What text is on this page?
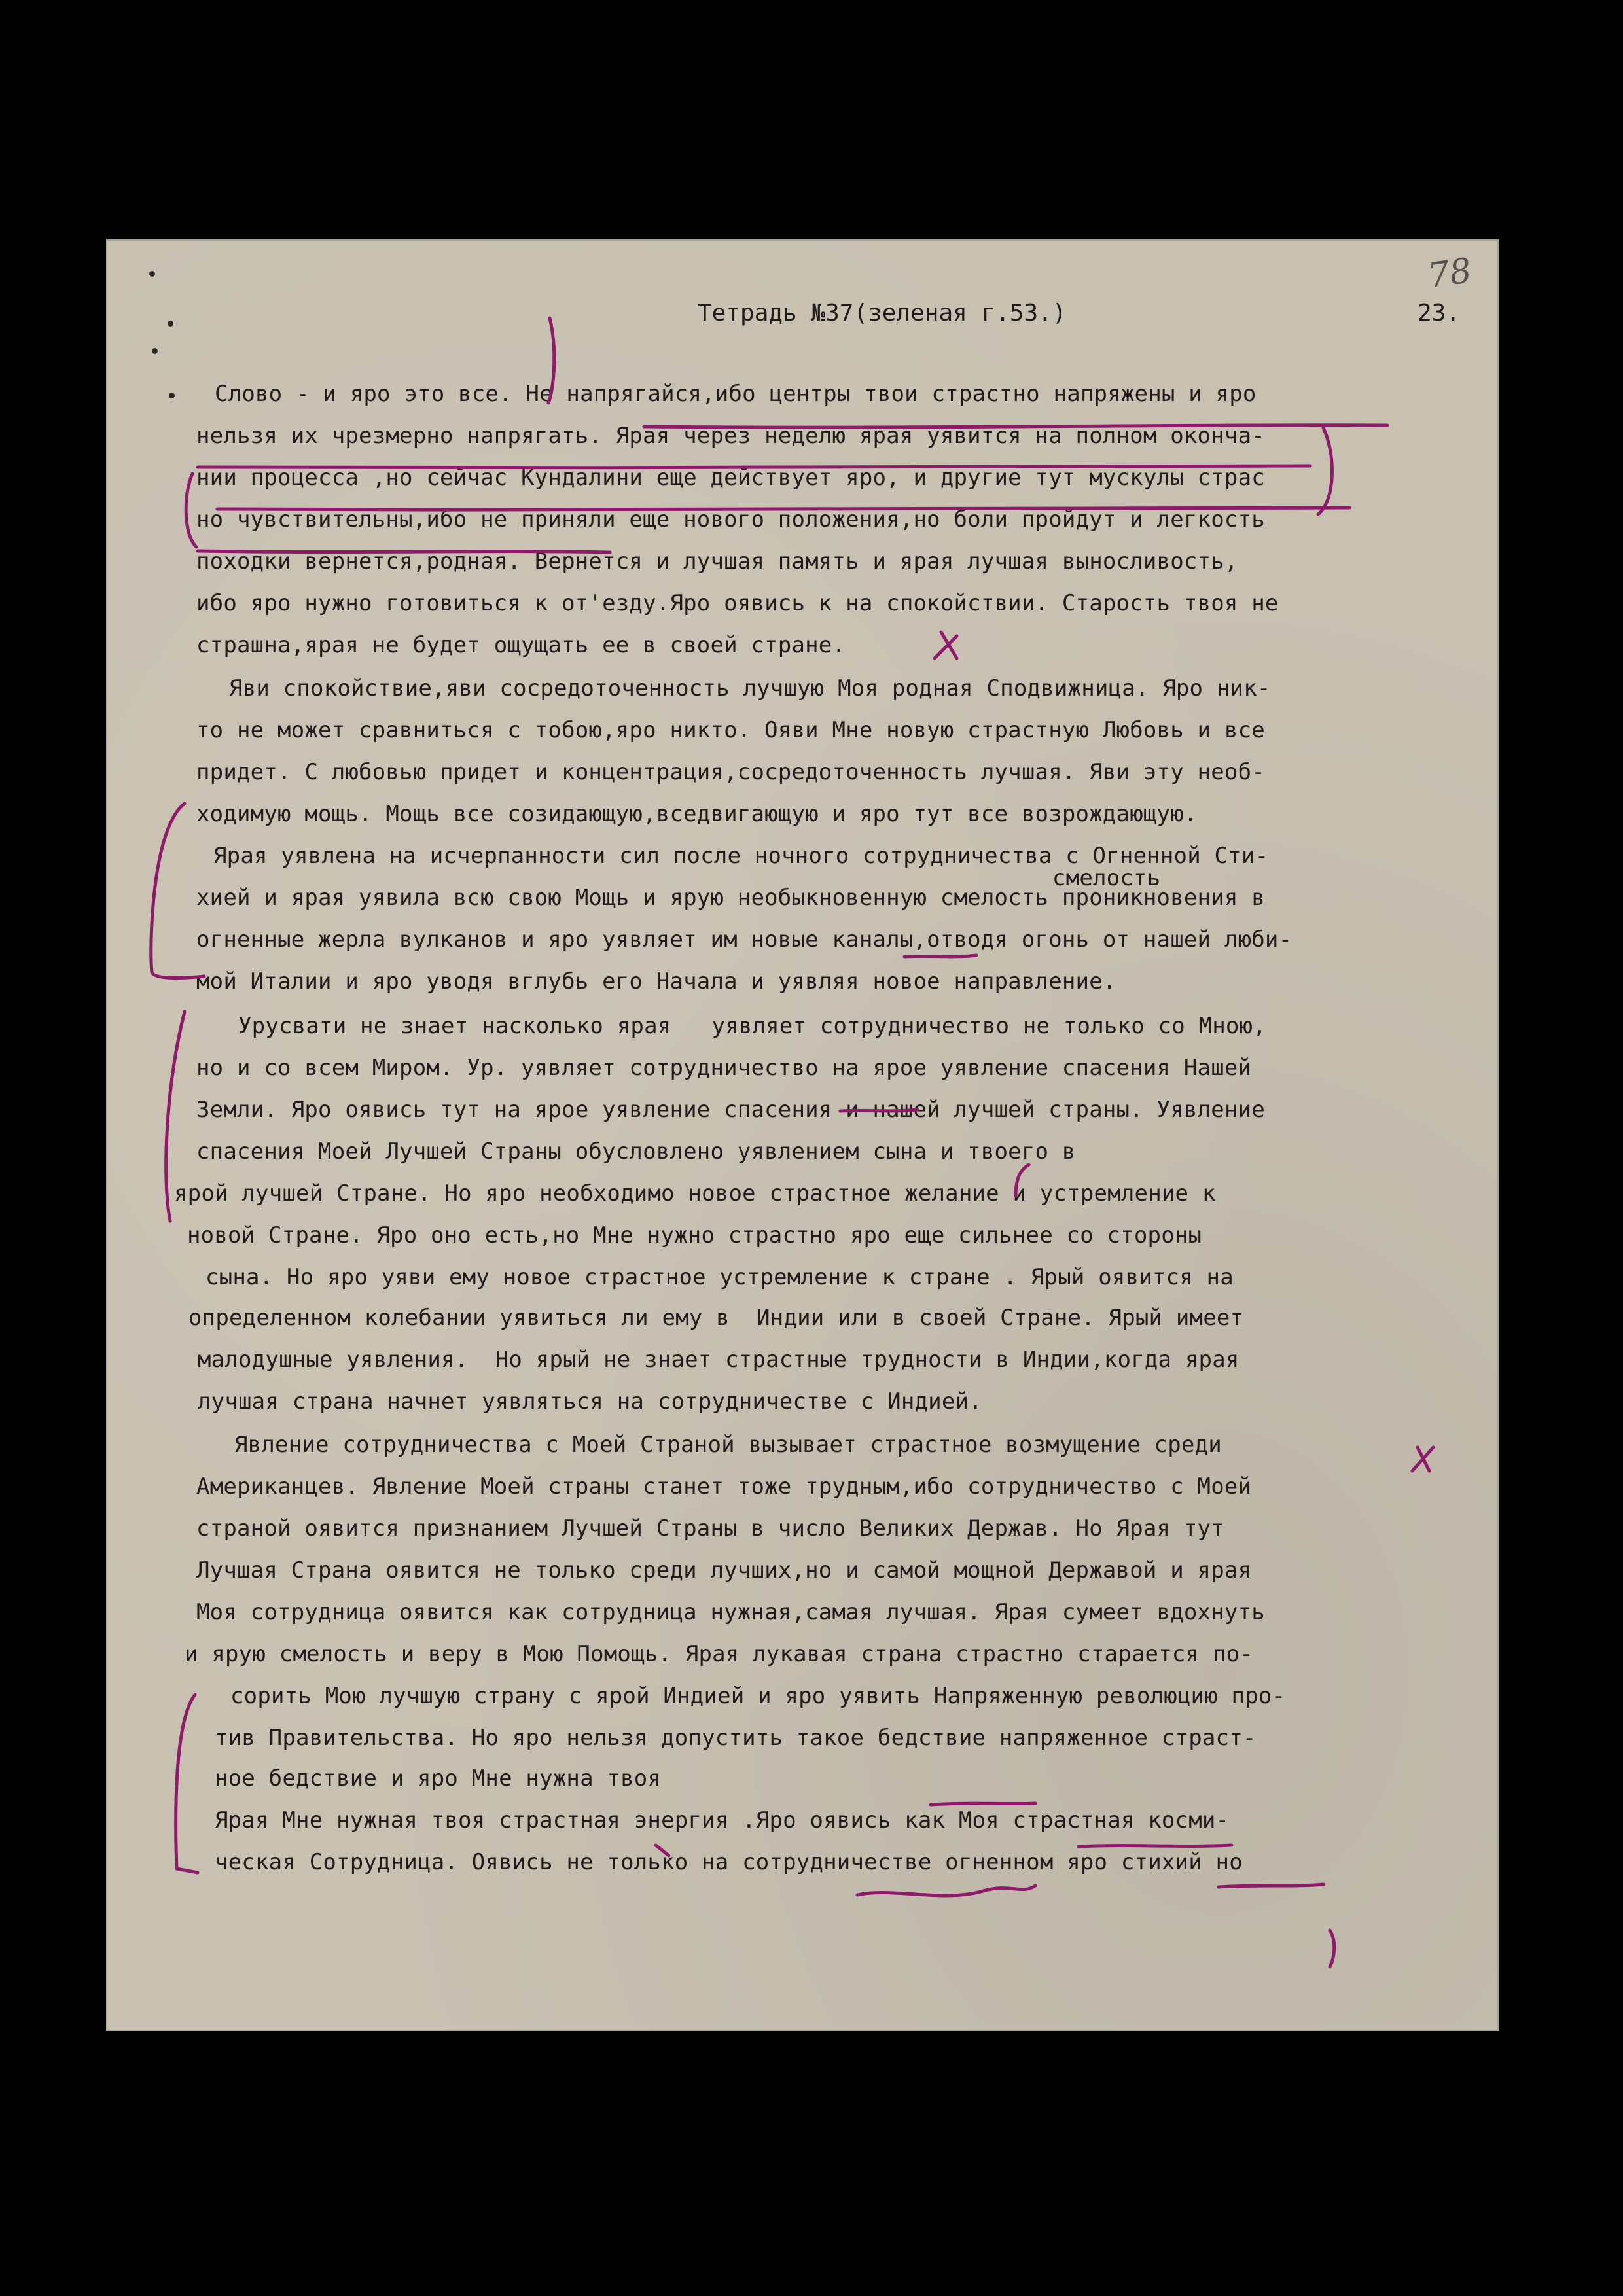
78
Тетрадь №37(зеленая г.53.)	23.
Слово - и яро это все. Не напрягайся,ибо центры твои страстно напряжены и яро
нельзя их чрезмерно напрягать. Ярая через неделю ярая уявится на полном оконча-
нии процесса ,но сейчас Кундалини еще действует яро, и другие тут мускулы страс
но чувствительны,ибо не приняли еще нового положения,но боли пройдут и легкость
походки вернется,родная. Вернется и лучшая память и ярая лучшая выносливость,
ибо яро нужно готовиться к от'езду.Яро оявись к на спокойствии. Старость твоя не
страшна,ярая не будет ощущать ее в своей стране.
Яви спокойствие,яви сосредоточенность лучшую Моя родная Сподвижница. Яро ник-
то не может сравниться с тобою,яро никто. Ояви Мне новую страстную Любовь и все
придет. С любовью придет и концентрация,сосредоточенность лучшая. Яви эту необ-
ходимую мощь. Мощь все созидающую,вседвигающую и яро тут все возрождающую.
Ярая уявлена на исчерпанности сил после ночного сотрудничества с Огненной Сти-
смелость
хией и ярая уявила всю свою Мощь и ярую необыкновенную смелость проникновения в
огненные жерла вулканов и яро уявляет им новые каналы,отводя огонь от нашей люби-
мой Италии и яро уводя вглубь его Начала и уявляя новое направление.
Урусвати не знает насколько ярая   уявляет сотрудничество не только со Мною,
но и со всем Миром. Ур. уявляет сотрудничество на ярое уявление спасения Нашей
Земли. Яро оявись тут на ярое уявление спасения и нашей лучшей страны. Уявление
спасения Моей Лучшей Страны обусловлено уявлением сына и твоего в
ярой лучшей Стране. Но яро необходимо новое страстное желание и устремление к
новой Стране. Яро оно есть,но Мне нужно страстно яро еще сильнее со стороны
сына. Но яро уяви ему новое страстное устремление к стране . Ярый оявится на
определенном колебании уявиться ли ему в  Индии или в своей Стране. Ярый имеет
малодушные уявления.  Но ярый не знает страстные трудности в Индии,когда ярая
лучшая страна начнет уявляться на сотрудничестве с Индией.
Явление сотрудничества с Моей Страной вызывает страстное возмущение среди
Американцев. Явление Моей страны станет тоже трудным,ибо сотрудничество с Моей
страной оявится признанием Лучшей Страны в число Великих Держав. Но Ярая тут
Лучшая Страна оявится не только среди лучших,но и самой мощной Державой и ярая
Моя сотрудница оявится как сотрудница нужная,самая лучшая. Ярая сумеет вдохнуть
и ярую смелость и веру в Мою Помощь. Ярая лукавая страна страстно старается по-
сорить Мою лучшую страну с ярой Индией и яро уявить Напряженную революцию про-
тив Правительства. Но яро нельзя допустить такое бедствие напряженное страст-
ное бедствие и яро Мне нужна твоя
Ярая Мне нужная твоя страстная энергия .Яро оявись как Моя страстная косми-
ческая Сотрудница. Оявись не только на сотрудничестве огненном яро стихий но
